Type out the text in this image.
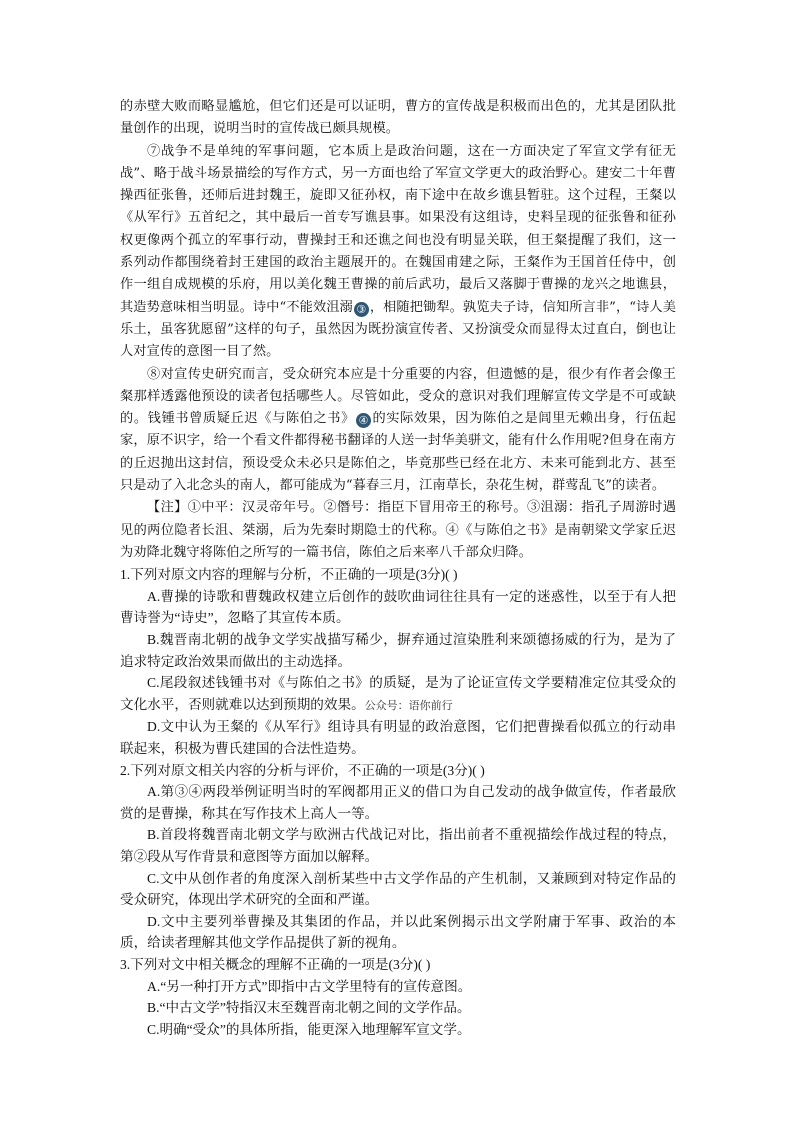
的赤壁大败而略显尴尬，但它们还是可以证明，曹方的宣传战是积极而出色的，尤其是团队批量创作的出现，说明当时的宣传战已颇具规模。

⑦战争不是单纯的军事问题，它本质上是政治问题，这在一方面决定了军宣文学有征无战”、略于战斗场景描绘的写作方式，另一方面也给了军宣文学更大的政治野心。建安二十年曹操西征张鲁，还师后进封魏王，旋即又征孙权，南下途中在故乡谯县暂驻。这个过程，王粲以《从军行》五首纪之，其中最后一首专写谯县事。如果没有这组诗，史料呈现的征张鲁和征孙权更像两个孤立的军事行动，曹操封王和还谯之间也没有明显关联，但王粲提醒了我们，这一系列动作都围绕着封王建国的政治主题展开的。在魏国甫建之际，王粲作为王国首任侍中，创作一组自成规模的乐府，用以美化魏王曹操的前后武功，最后又落脚于曹操的龙兴之地谯县，其造势意味相当明显。诗中“不能效沮溺 ③ ，相随把锄犁。孰览夫子诗，信知所言非”，“诗人美乐土，虽客犹愿留”这样的句子，虽然因为既扮演宣传者、又扮演受众而显得太过直白，倒也让人对宣传的意图一目了然。

⑧对宣传史研究而言，受众研究本应是十分重要的内容，但遗憾的是，很少有作者会像王粲那样透露他预设的读者包括哪些人。尽管如此，受众的意识对我们理解宣传文学是不可或缺的。钱锺书曾质疑丘迟《与陈伯之书》 ④ 的实际效果，因为陈伯之是闾里无赖出身，行伍起家，原不识字，给一个看文件都得秘书翻译的人送一封华美骈文，能有什么作用呢?但身在南方的丘迟抛出这封信，预设受众未必只是陈伯之，毕竟那些已经在北方、未来可能到北方、甚至只是动了入北念头的南人，都可能成为“暮春三月，江南草长，杂花生树，群莺乱飞”的读者。

【注】①中平：汉灵帝年号。②僭号：指臣下冒用帝王的称号。③沮溺：指孔子周游时遇见的两位隐者长沮、桀溺，后为先秦时期隐士的代称。④《与陈伯之书》是南朝梁文学家丘迟为劝降北魏守将陈伯之所写的一篇书信，陈伯之后来率八千部众归降。

1.下列对原文内容的理解与分析，不正确的一项是(3分)( )

A.曹操的诗歌和曹魏政权建立后创作的鼓吹曲词往往具有一定的迷惑性，以至于有人把曹诗誉为“诗史”，忽略了其宣传本质。

B.魏晋南北朝的战争文学实战描写稀少，摒弃通过渲染胜利来颂德扬威的行为，是为了追求特定政治效果而做出的主动选择。

C.尾段叙述钱锺书对《与陈伯之书》的质疑，是为了论证宣传文学要精准定位其受众的文化水平，否则就难以达到预期的效果。公众号：语你前行

D.文中认为王粲的《从军行》组诗具有明显的政治意图，它们把曹操看似孤立的行动串联起来，积极为曹氏建国的合法性造势。

2.下列对原文相关内容的分析与评价，不正确的一项是(3分)( )

A.第③④两段举例证明当时的军阀都用正义的借口为自己发动的战争做宣传，作者最欣赏的是曹操，称其在写作技术上高人一等。

B.首段将魏晋南北朝文学与欧洲古代战记对比，指出前者不重视描绘作战过程的特点，第②段从写作背景和意图等方面加以解释。

C.文中从创作者的角度深入剖析某些中古文学作品的产生机制，又兼顾到对特定作品的受众研究，体现出学术研究的全面和严谨。

D.文中主要列举曹操及其集团的作品，并以此案例揭示出文学附庸于军事、政治的本质，给读者理解其他文学作品提供了新的视角。

3.下列对文中相关概念的理解不正确的一项是(3分)( )

A.“另一种打开方式”即指中古文学里特有的宣传意图。

B.“中古文学”特指汉末至魏晋南北朝之间的文学作品。

C.明确“受众”的具体所指，能更深入地理解军宣文学。
